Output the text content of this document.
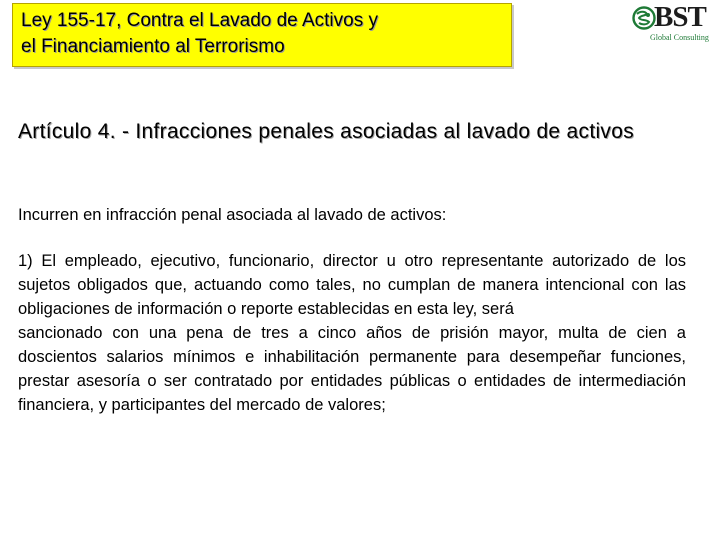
Ley 155-17, Contra el Lavado de Activos y
el Financiamiento al Terrorismo
BST
Global Consulting

Artículo 4. - Infracciones penales asociadas al lavado de activos

Incurren en infracción penal asociada al lavado de activos:

1) El empleado, ejecutivo, funcionario, director u otro representante autorizado de los sujetos obligados que, actuando como tales, no cumplan de manera intencional con las obligaciones de información o reporte establecidas en esta ley, será
sancionado con una pena de tres a cinco años de prisión mayor, multa de cien a doscientos salarios mínimos e inhabilitación permanente para desempeñar funciones, prestar asesoría o ser contratado por entidades públicas o entidades de intermediación financiera, y participantes del mercado de valores;
